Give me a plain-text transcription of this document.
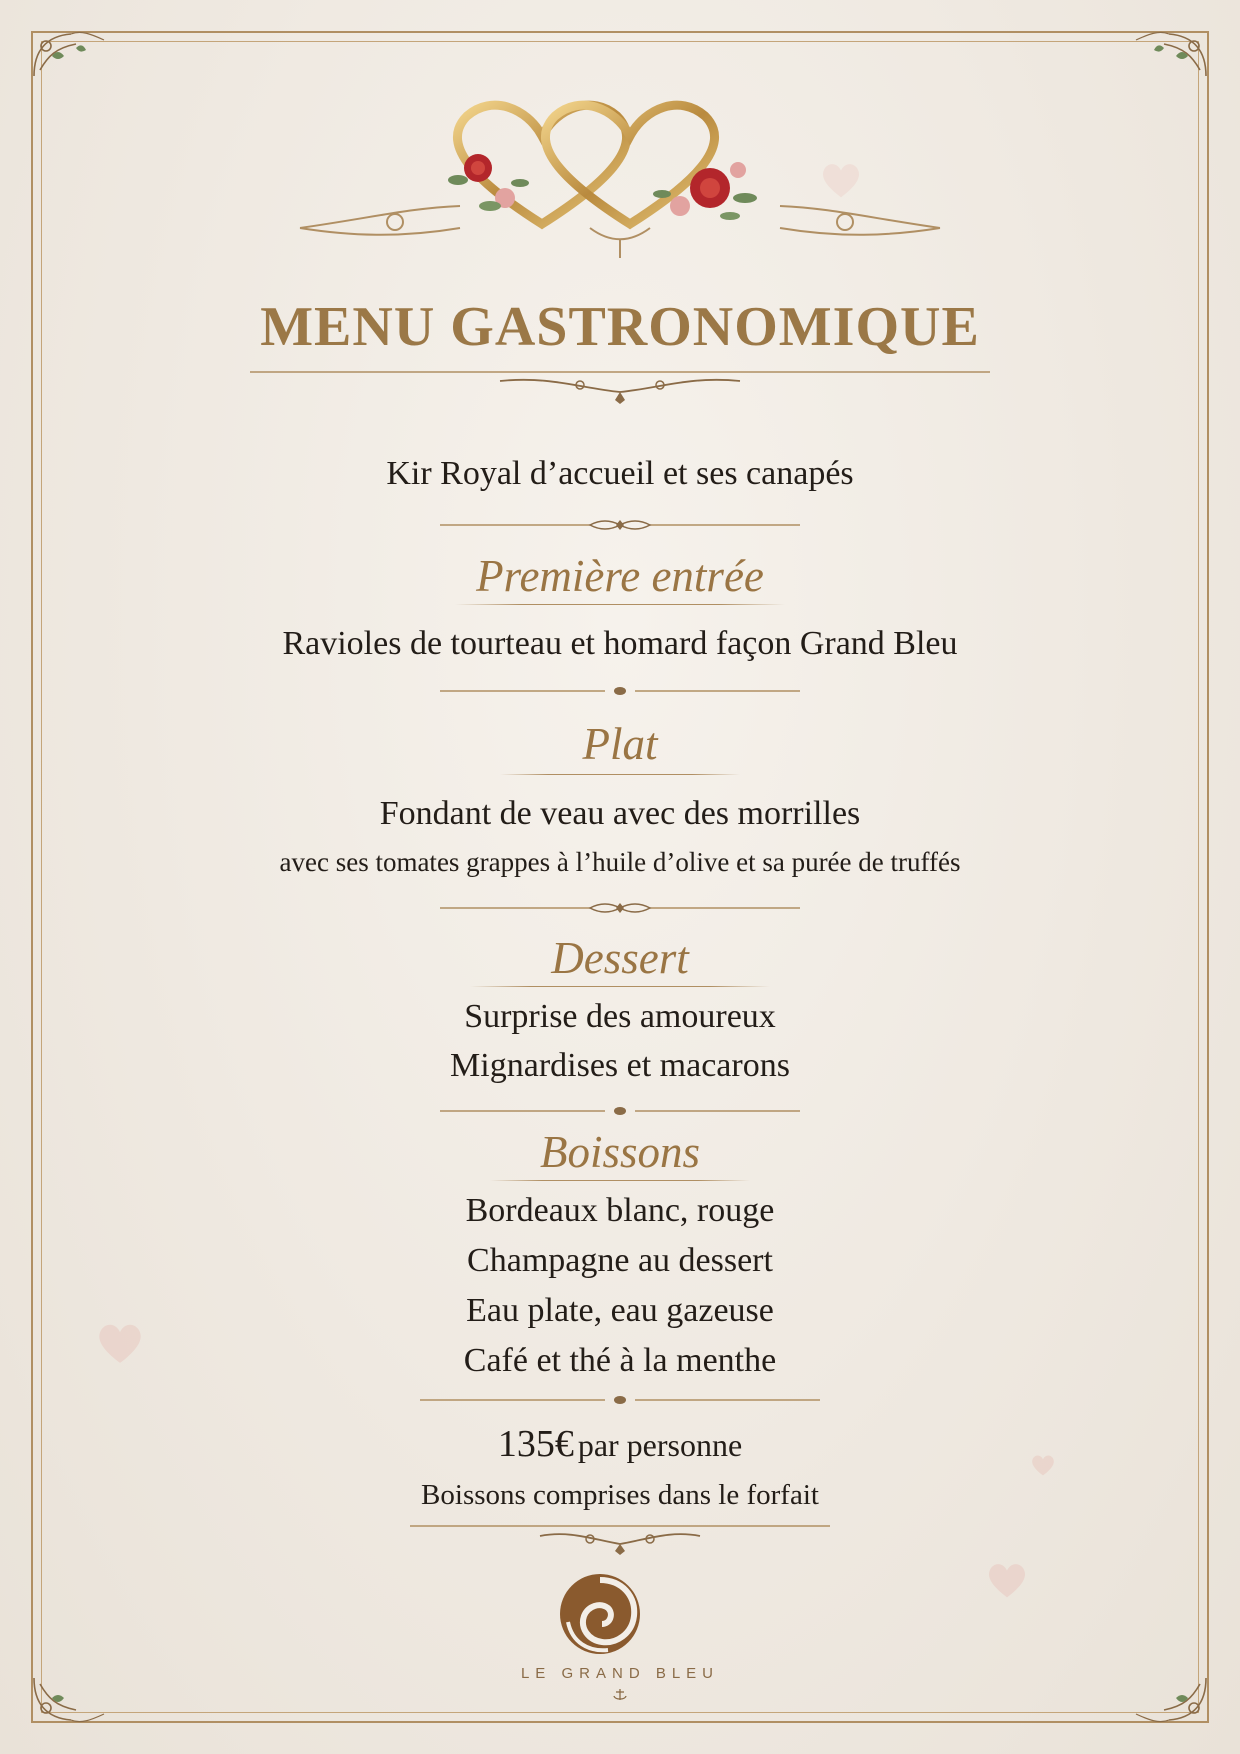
MENU GASTRONOMIQUE
Kir Royal d’accueil et ses canapés
Première entrée
Ravioles de tourteau et homard façon Grand Bleu
Plat
Fondant de veau avec des morrilles
avec ses tomates grappes à l’huile d’olive et sa purée de truffés
Dessert
Surprise des amoureux
Mignardises et macarons
Boissons
Bordeaux blanc, rouge
Champagne au dessert
Eau plate, eau gazeuse
Café et thé à la menthe
135€ par personne
Boissons comprises dans le forfait
LE GRAND BLEU
